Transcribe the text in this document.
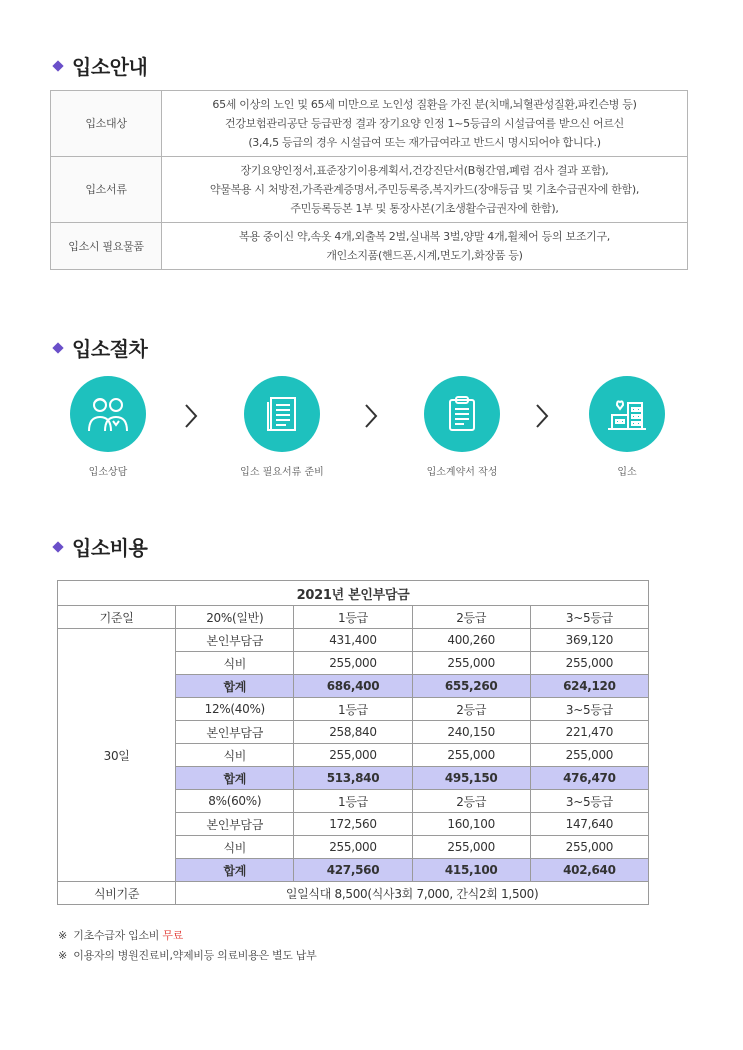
입소안내
입소대상	65세 이상의 노인 및 65세 미만으로 노인성 질환을 가진 분(치매,뇌혈관성질환,파킨슨병 등)
건강보험관리공단 등급판정 결과 장기요양 인정 1~5등급의 시설급여를 받으신 어르신
(3,4,5 등급의 경우 시설급여 또는 재가급여라고 반드시 명시되어야 합니다.)

입소서류	장기요양인정서,표준장기이용계획서,건강진단서(B형간염,폐렴 검사 결과 포함),
약물복용 시 처방전,가족관계증명서,주민등록증,복지카드(장애등급 및 기초수급권자에 한함),
주민등록등본 1부 및 통장사본(기초생활수급권자에 한함),

입소시 필요물품	복용 중이신 약,속옷 4개,외출복 2벌,실내복 3벌,양말 4개,휠체어 등의 보조기구,
개인소지품(핸드폰,시계,면도기,화장품 등)
입소절차
입소상담	입소 필요서류 준비	입소계약서 작성	입소
입소비용
2021년 본인부담금				
기준일	20%(일반)	1등급	2등급	3~5등급
30일	본인부담금	431,400	400,260	369,120
	식비	255,000	255,000	255,000
	합계	686,400	655,260	624,120
	12%(40%)	1등급	2등급	3~5등급
	본인부담금	258,840	240,150	221,470
	식비	255,000	255,000	255,000
	합계	513,840	495,150	476,470
	8%(60%)	1등급	2등급	3~5등급
	본인부담금	172,560	160,100	147,640
	식비	255,000	255,000	255,000
	합계	427,560	415,100	402,640
식비기준	일일식대 8,500(식사3회 7,000, 간식2회 1,500)			
※  기초수급자 입소비 무료
※  이용자의 병원진료비,약제비등 의료비용은 별도 납부
